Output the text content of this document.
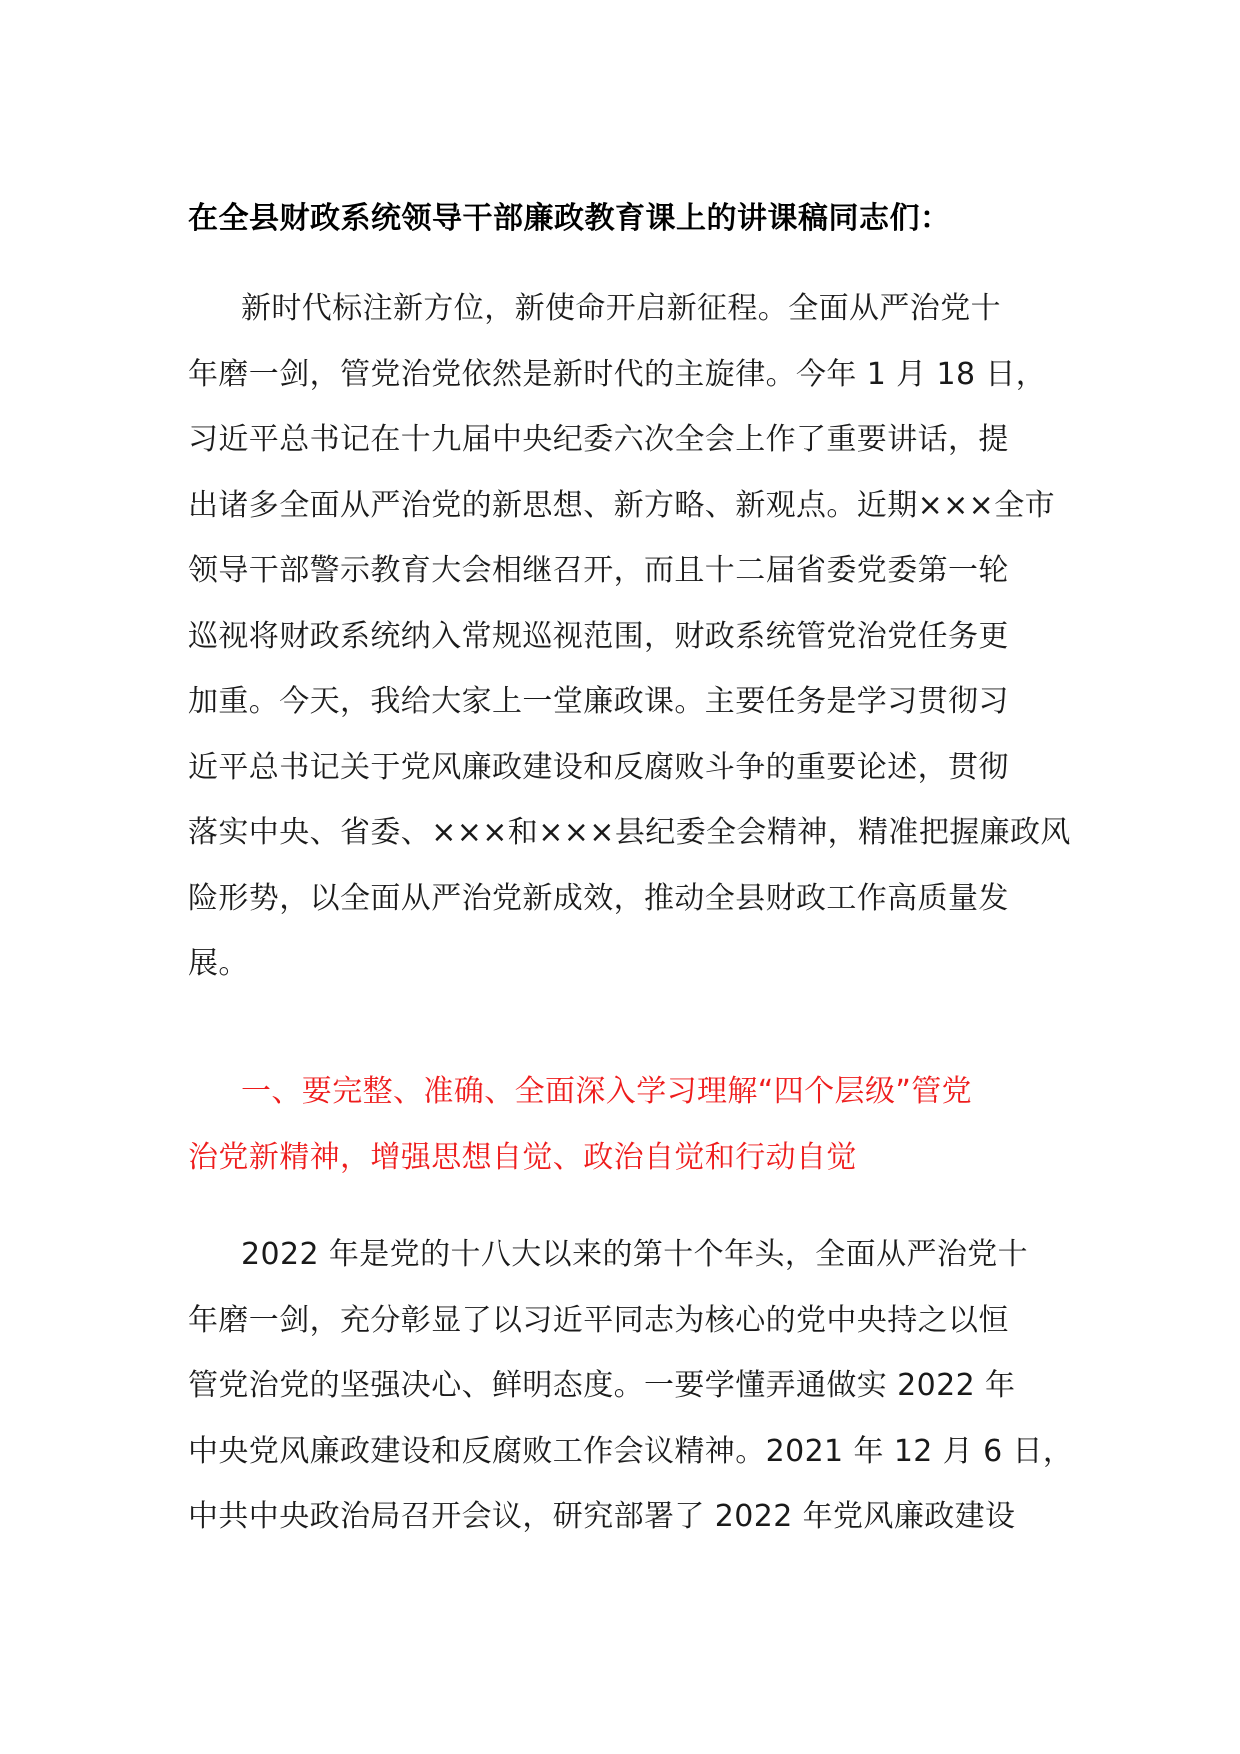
在全县财政系统领导干部廉政教育课上的讲课稿同志们：
新时代标注新方位，新使命开启新征程。全面从严治党十
年磨一剑，管党治党依然是新时代的主旋律。今年 1 月 18 日，
习近平总书记在十九届中央纪委六次全会上作了重要讲话，提
出诸多全面从严治党的新思想、新方略、新观点。近期×××全市
领导干部警示教育大会相继召开，而且十二届省委党委第一轮
巡视将财政系统纳入常规巡视范围，财政系统管党治党任务更
加重。今天，我给大家上一堂廉政课。主要任务是学习贯彻习
近平总书记关于党风廉政建设和反腐败斗争的重要论述，贯彻
落实中央、省委、×××和×××县纪委全会精神，精准把握廉政风
险形势，以全面从严治党新成效，推动全县财政工作高质量发
展。
一、要完整、准确、全面深入学习理解“四个层级”管党
治党新精神，增强思想自觉、政治自觉和行动自觉
2022 年是党的十八大以来的第十个年头，全面从严治党十
年磨一剑，充分彰显了以习近平同志为核心的党中央持之以恒
管党治党的坚强决心、鲜明态度。一要学懂弄通做实 2022 年
中央党风廉政建设和反腐败工作会议精神。2021 年 12 月 6 日，
中共中央政治局召开会议，研究部署了 2022 年党风廉政建设
